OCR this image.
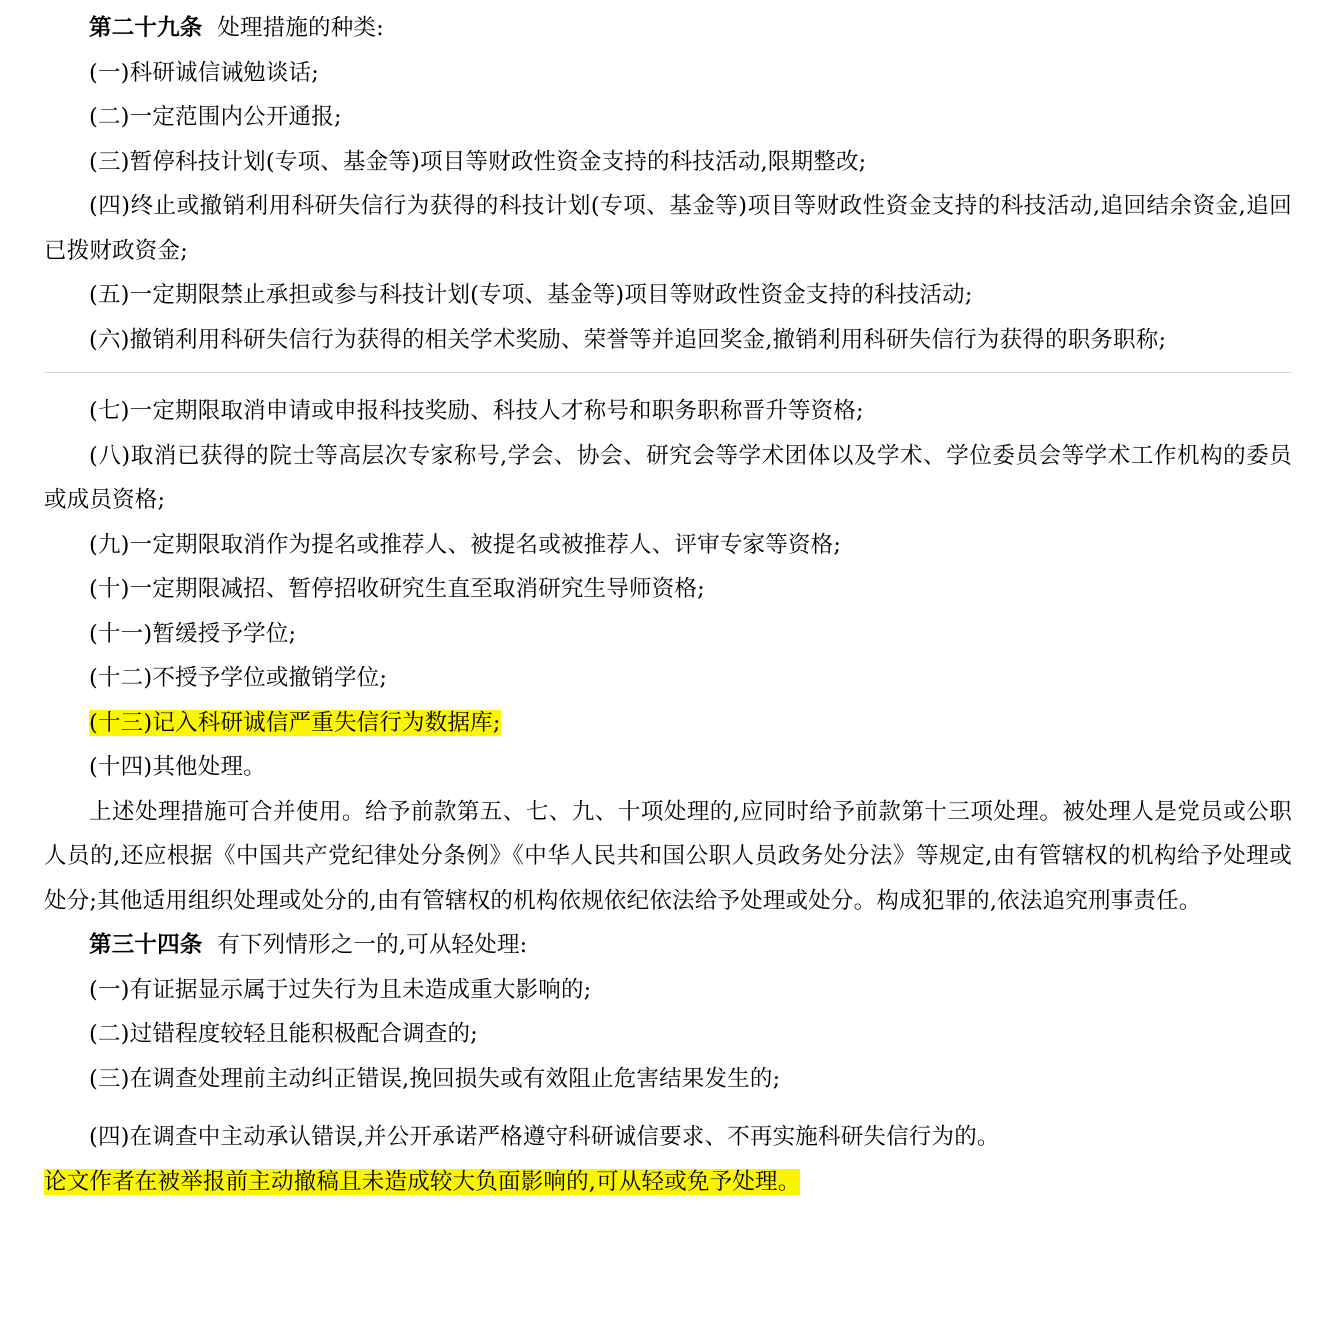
第二十九条 处理措施的种类:

(一)科研诚信诫勉谈话;

(二)一定范围内公开通报;

(三)暂停科技计划(专项、基金等)项目等财政性资金支持的科技活动,限期整改;

(四)终止或撤销利用科研失信行为获得的科技计划(专项、基金等)项目等财政性资金支持的科技活动,追回结余资金,追回已拨财政资金;

(五)一定期限禁止承担或参与科技计划(专项、基金等)项目等财政性资金支持的科技活动;

(六)撤销利用科研失信行为获得的相关学术奖励、荣誉等并追回奖金,撤销利用科研失信行为获得的职务职称;

(七)一定期限取消申请或申报科技奖励、科技人才称号和职务职称晋升等资格;

(八)取消已获得的院士等高层次专家称号,学会、协会、研究会等学术团体以及学术、学位委员会等学术工作机构的委员或成员资格;

(九)一定期限取消作为提名或推荐人、被提名或被推荐人、评审专家等资格;

(十)一定期限减招、暂停招收研究生直至取消研究生导师资格;

(十一)暂缓授予学位;

(十二)不授予学位或撤销学位;

(十三)记入科研诚信严重失信行为数据库;

(十四)其他处理。

上述处理措施可合并使用。给予前款第五、七、九、十项处理的,应同时给予前款第十三项处理。被处理人是党员或公职人员的,还应根据《中国共产党纪律处分条例》《中华人民共和国公职人员政务处分法》等规定,由有管辖权的机构给予处理或处分;其他适用组织处理或处分的,由有管辖权的机构依规依纪依法给予处理或处分。构成犯罪的,依法追究刑事责任。

第三十四条 有下列情形之一的,可从轻处理:

(一)有证据显示属于过失行为且未造成重大影响的;

(二)过错程度较轻且能积极配合调查的;

(三)在调查处理前主动纠正错误,挽回损失或有效阻止危害结果发生的;

(四)在调查中主动承认错误,并公开承诺严格遵守科研诚信要求、不再实施科研失信行为的。

论文作者在被举报前主动撤稿且未造成较大负面影响的,可从轻或免予处理。
